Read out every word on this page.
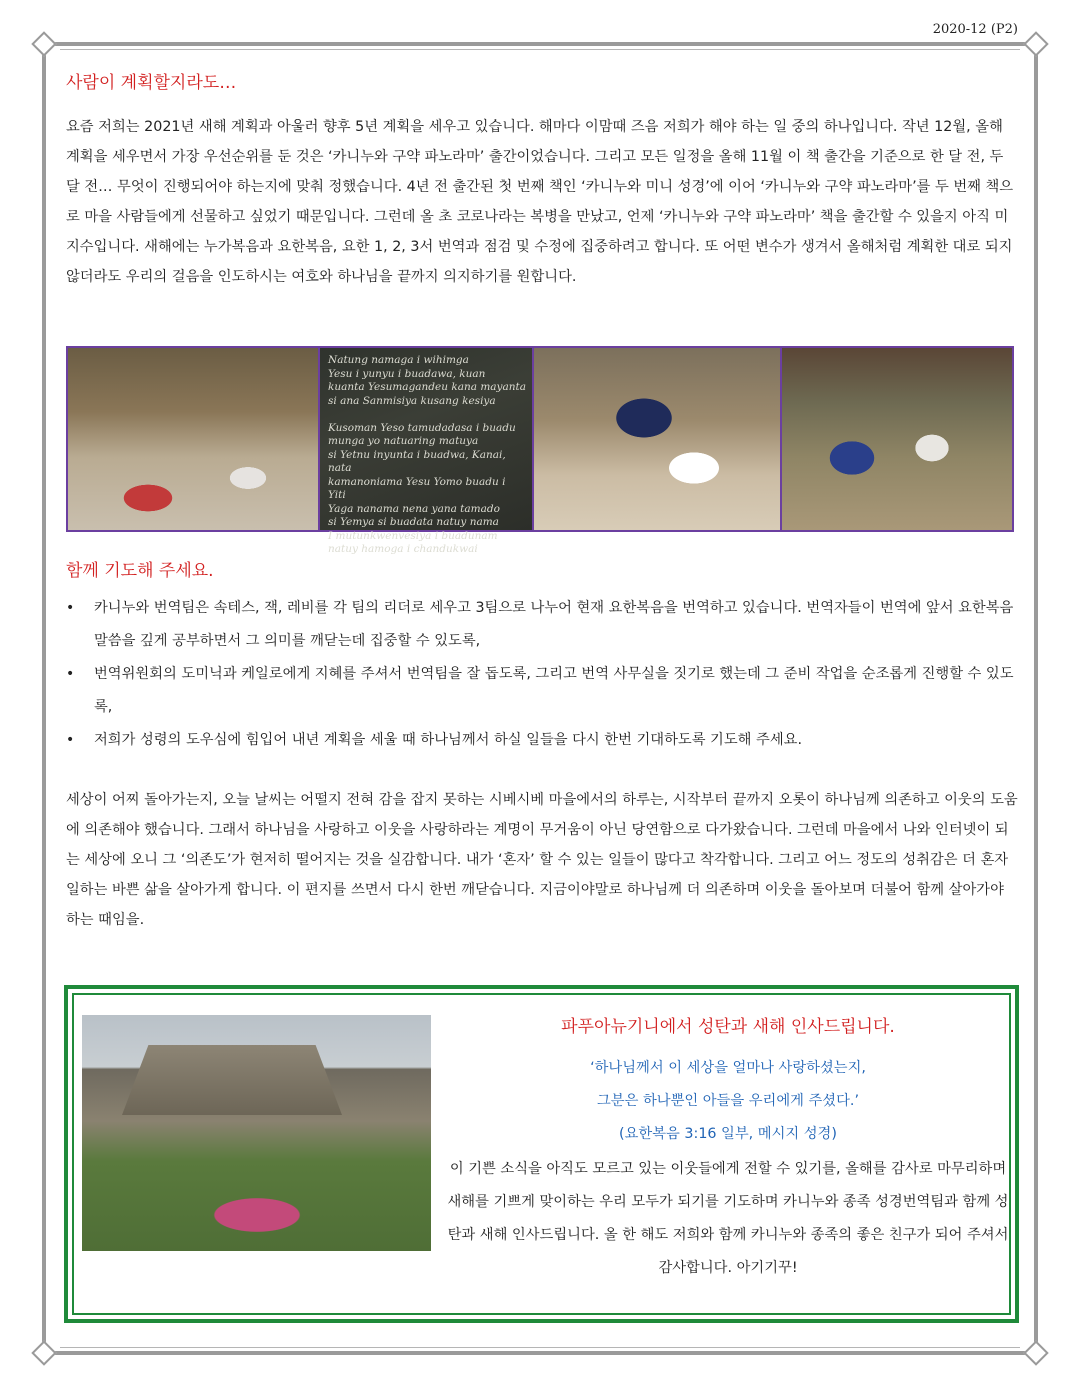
2020-12 (P2)
사람이 계획할지라도…

요즘 저희는 2021년 새해 계획과 아울러 향후 5년 계획을 세우고 있습니다. 해마다 이맘때 즈음 저희가 해야 하는 일 중의 하나입니다. 작년 12월, 올해 계획을 세우면서 가장 우선순위를 둔 것은 ‘카니누와 구약 파노라마’ 출간이었습니다. 그리고 모든 일정을 올해 11월 이 책 출간을 기준으로 한 달 전, 두 달 전… 무엇이 진행되어야 하는지에 맞춰 정했습니다. 4년 전 출간된 첫 번째 책인 ‘카니누와 미니 성경’에 이어 ‘카니누와 구약 파노라마’를 두 번째 책으로 마을 사람들에게 선물하고 싶었기 때문입니다. 그런데 올 초 코로나라는 복병을 만났고, 언제 ‘카니누와 구약 파노라마’ 책을 출간할 수 있을지 아직 미지수입니다. 새해에는 누가복음과 요한복음, 요한 1, 2, 3서 번역과 점검 및 수정에 집중하려고 합니다. 또 어떤 변수가 생겨서 올해처럼 계획한 대로 되지 않더라도 우리의 걸음을 인도하시는 여호와 하나님을 끝까지 의지하기를 원합니다.

Natung namaga i wihimga
Yesu i yunyu i buadawa, kuan
kuanta Yesumagandeu kana mayanta
si ana Sanmisiya kusang kesiya

Kusoman Yeso tamudadasa i buadu
munga yo natuaring matuya
si Yetnu inyunta i buadwa, Kanai, nata
kamanoniama Yesu Yomo buadu i Yiti
Yaga nanama nena yana tamado
si Yemya si buadata natuy nama
I mutunkwenvesiya i buadunam
natuy hamoga i chandukwai
함께 기도해 주세요.
• 카니누와 번역팀은 속테스, 잭, 레비를 각 팀의 리더로 세우고 3팀으로 나누어 현재 요한복음을 번역하고 있습니다. 번역자들이 번역에 앞서 요한복음 말씀을 깊게 공부하면서 그 의미를 깨닫는데 집중할 수 있도록,
• 번역위원회의 도미닉과 케일로에게 지혜를 주셔서 번역팀을 잘 돕도록, 그리고 번역 사무실을 짓기로 했는데 그 준비 작업을 순조롭게 진행할 수 있도록,
• 저희가 성령의 도우심에 힘입어 내년 계획을 세울 때 하나님께서 하실 일들을 다시 한번 기대하도록 기도해 주세요.

세상이 어찌 돌아가는지, 오늘 날씨는 어떨지 전혀 감을 잡지 못하는 시베시베 마을에서의 하루는, 시작부터 끝까지 오롯이 하나님께 의존하고 이웃의 도움에 의존해야 했습니다. 그래서 하나님을 사랑하고 이웃을 사랑하라는 계명이 무거움이 아닌 당연함으로 다가왔습니다. 그런데 마을에서 나와 인터넷이 되는 세상에 오니 그 ‘의존도’가 현저히 떨어지는 것을 실감합니다. 내가 ‘혼자’ 할 수 있는 일들이 많다고 착각합니다. 그리고 어느 정도의 성취감은 더 혼자 일하는 바쁜 삶을 살아가게 합니다. 이 편지를 쓰면서 다시 한번 깨닫습니다. 지금이야말로 하나님께 더 의존하며 이웃을 돌아보며 더불어 함께 살아가야 하는 때임을.

파푸아뉴기니에서 성탄과 새해 인사드립니다.

‘하나님께서 이 세상을 얼마나 사랑하셨는지,

그분은 하나뿐인 아들을 우리에게 주셨다.’

(요한복음 3:16 일부, 메시지 성경)

이 기쁜 소식을 아직도 모르고 있는 이웃들에게 전할 수 있기를, 올해를 감사로 마무리하며 새해를 기쁘게 맞이하는 우리 모두가 되기를 기도하며 카니누와 종족 성경번역팀과 함께 성탄과 새해 인사드립니다. 올 한 해도 저희와 함께 카니누와 종족의 좋은 친구가 되어 주셔서 감사합니다. 아기기꾸!
